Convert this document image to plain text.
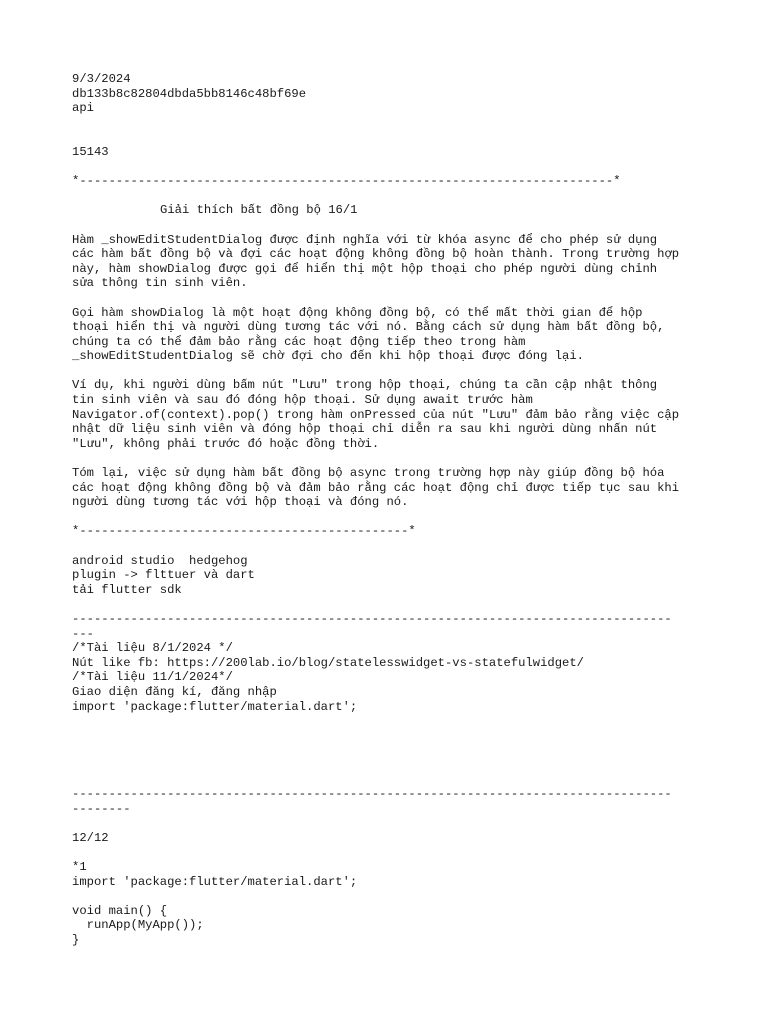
9/3/2024
db133b8c82804dbda5bb8146c48bf69e
api
15143
*-------------------------------------------------------------------------*
Giải thích bất đồng bộ 16/1
Hàm _showEditStudentDialog được định nghĩa với từ khóa async để cho phép sử dụng
các hàm bất đồng bộ và đợi các hoạt động không đồng bộ hoàn thành. Trong trường hợp
này, hàm showDialog được gọi để hiển thị một hộp thoại cho phép người dùng chỉnh
sửa thông tin sinh viên.
Gọi hàm showDialog là một hoạt động không đồng bộ, có thể mất thời gian để hộp
thoại hiển thị và người dùng tương tác với nó. Bằng cách sử dụng hàm bất đồng bộ,
chúng ta có thể đảm bảo rằng các hoạt động tiếp theo trong hàm
_showEditStudentDialog sẽ chờ đợi cho đến khi hộp thoại được đóng lại.
Ví dụ, khi người dùng bấm nút "Lưu" trong hộp thoại, chúng ta cần cập nhật thông
tin sinh viên và sau đó đóng hộp thoại. Sử dụng await trước hàm
Navigator.of(context).pop() trong hàm onPressed của nút "Lưu" đảm bảo rằng việc cập
nhật dữ liệu sinh viên và đóng hộp thoại chỉ diễn ra sau khi người dùng nhấn nút
"Lưu", không phải trước đó hoặc đồng thời.
Tóm lại, việc sử dụng hàm bất đồng bộ async trong trường hợp này giúp đồng bộ hóa
các hoạt động không đồng bộ và đảm bảo rằng các hoạt động chỉ được tiếp tục sau khi
người dùng tương tác với hộp thoại và đóng nó.
*---------------------------------------------*
android studio  hedgehog
plugin -> flttuer và dart
tải flutter sdk
----------------------------------------------------------------------------------
---
/*Tài liệu 8/1/2024 */
Nút like fb: https://200lab.io/blog/statelesswidget-vs-statefulwidget/
/*Tài liệu 11/1/2024*/
Giao diện đăng kí, đăng nhập
import 'package:flutter/material.dart';
----------------------------------------------------------------------------------
--------
12/12
*1
import 'package:flutter/material.dart';
void main() {
runApp(MyApp());
}
